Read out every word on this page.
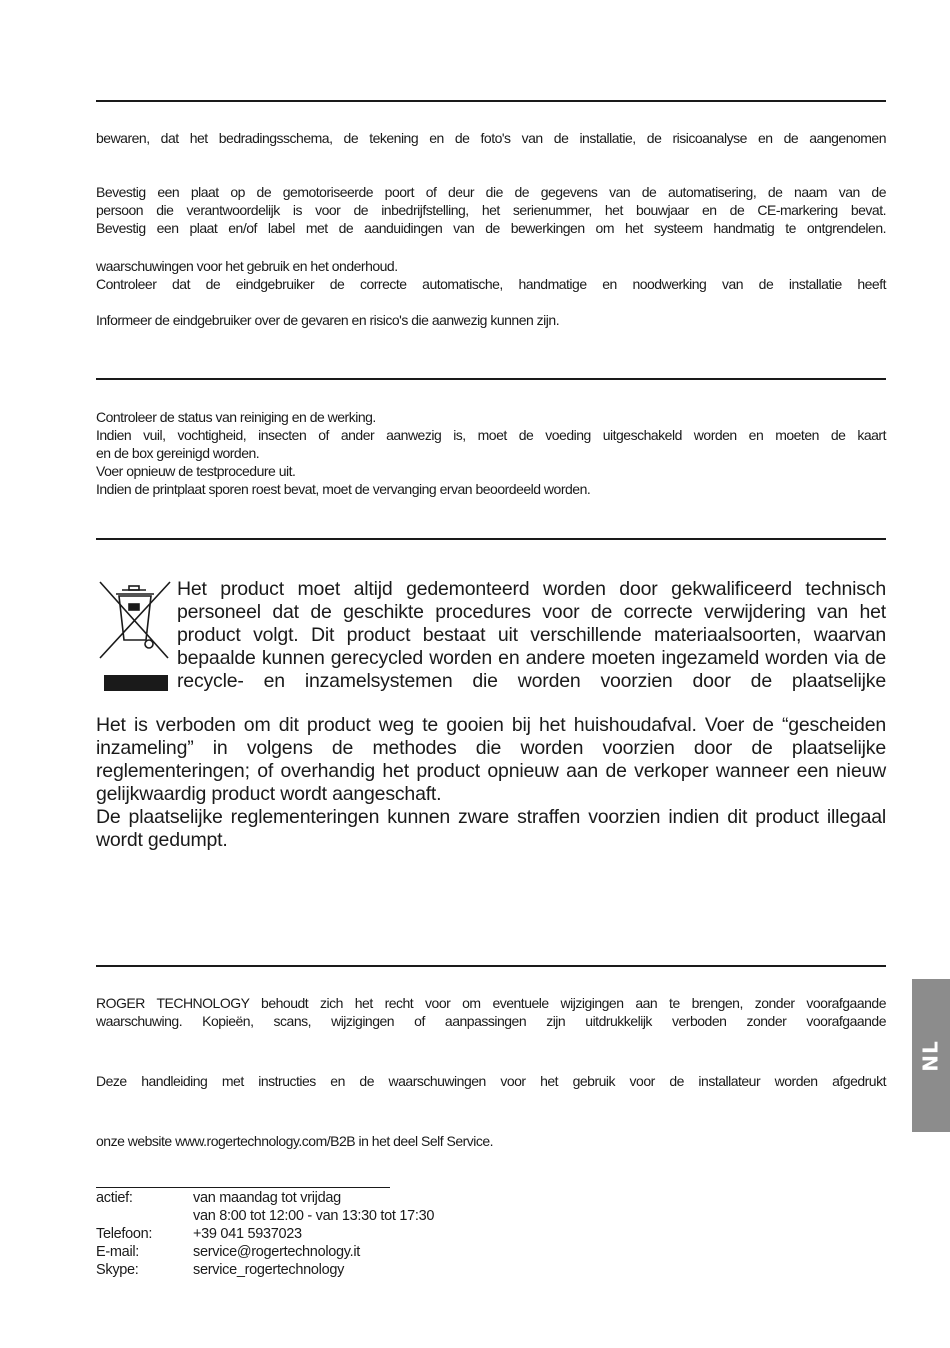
bewaren, dat het bedradingsschema, de tekening en de foto's van de installatie, de risicoanalyse en de aangenomen
Bevestig een plaat op de gemotoriseerde poort of deur die de gegevens van de automatisering, de naam van de
persoon die verantwoordelijk is voor de inbedrijfstelling, het serienummer, het bouwjaar en de CE-markering bevat.
Bevestig een plaat en/of label met de aanduidingen van de bewerkingen om het systeem handmatig te ontgrendelen.
waarschuwingen voor het gebruik en het onderhoud.
Controleer dat de eindgebruiker de correcte automatische, handmatige en noodwerking van de installatie heeft
Informeer de eindgebruiker over de gevaren en risico's die aanwezig kunnen zijn.
Controleer de status van reiniging en de werking.
Indien vuil, vochtigheid, insecten of ander aanwezig is, moet de voeding uitgeschakeld worden en moeten de kaart
en de box gereinigd worden.
Voer opnieuw de testprocedure uit.
Indien de printplaat sporen roest bevat, moet de vervanging ervan beoordeeld worden.
Het product moet altijd gedemonteerd worden door gekwalificeerd technisch
personeel dat de geschikte procedures voor de correcte verwijdering van het
product volgt. Dit product bestaat uit verschillende materiaalsoorten, waarvan
bepaalde kunnen gerecycled worden en andere moeten ingezameld worden via de
recycle- en inzamelsystemen die worden voorzien door de plaatselijke
Het is verboden om dit product weg te gooien bij het huishoudafval. Voer de “gescheiden
inzameling” in volgens de methodes die worden voorzien door de plaatselijke
reglementeringen; of overhandig het product opnieuw aan de verkoper wanneer een nieuw
gelijkwaardig product wordt aangeschaft.
De plaatselijke reglementeringen kunnen zware straffen voorzien indien dit product illegaal
wordt gedumpt.
ROGER TECHNOLOGY behoudt zich het recht voor om eventuele wijzigingen aan te brengen, zonder voorafgaande
waarschuwing. Kopieën, scans, wijzigingen of aanpassingen zijn uitdrukkelijk verboden zonder voorafgaande
Deze handleiding met instructies en de waarschuwingen voor het gebruik voor de installateur worden afgedrukt
onze website www.rogertechnology.com/B2B in het deel Self Service.
actief:	van maandag tot vrijdag
van 8:00 tot 12:00 - van 13:30 tot 17:30
Telefoon:	+39 041 5937023
E-mail:	service@rogertechnology.it
Skype:	service_rogertechnology
NL
